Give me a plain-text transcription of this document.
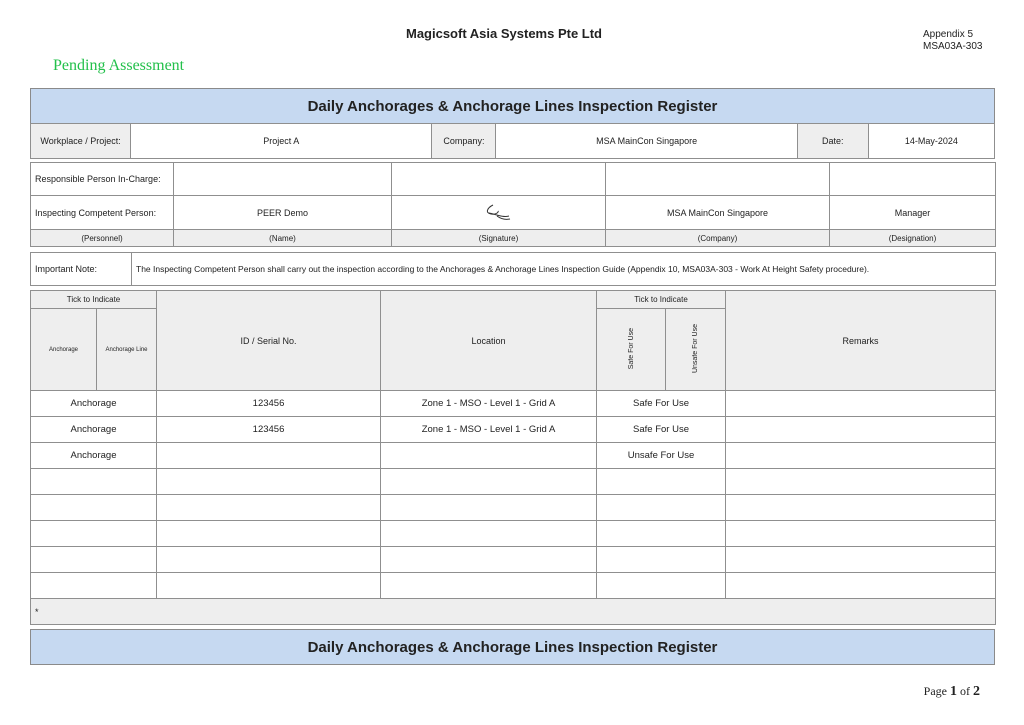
Magicsoft Asia Systems Pte Ltd	Appendix 5
MSA03A-303
Pending Assessment
Daily Anchorages & Anchorage Lines Inspection Register
Workplace / Project:	Project A	Company:	MSA MainCon Singapore	Date:	14-May-2024
Responsible Person In-Charge:				
Inspecting Competent Person:	PEER Demo		MSA MainCon Singapore	Manager
(Personnel)	(Name)	(Signature)	(Company)	(Designation)
Important Note:	The Inspecting Competent Person shall carry out the inspection according to the Anchorages & Anchorage Lines Inspection Guide (Appendix 10, MSA03A-303 - Work At Height Safety procedure).
Tick to Indicate		ID / Serial No.	Location	Tick to Indicate		Remarks
Anchorage	Anchorage Line			Safe For Use	Unsafe For Use	
Anchorage		123456	Zone 1 - MSO - Level 1 - Grid A	Safe For Use		
Anchorage		123456	Zone 1 - MSO - Level 1 - Grid A	Safe For Use		
Anchorage				Unsafe For Use		

*						
Daily Anchorages & Anchorage Lines Inspection Register
Page 1 of 2
